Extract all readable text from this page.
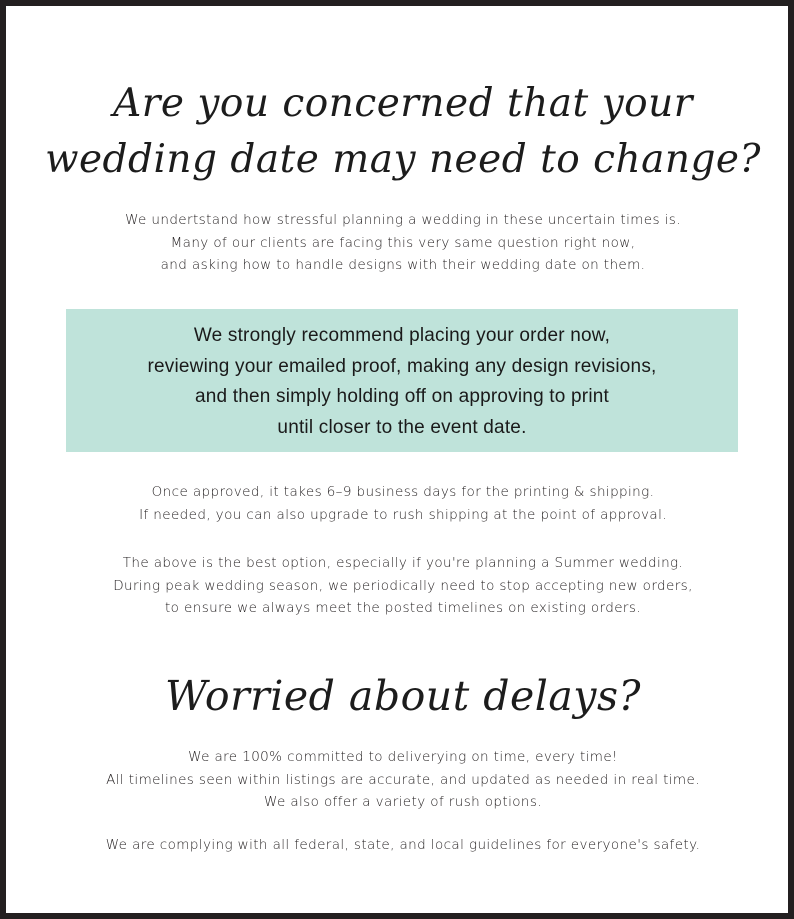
Are you concerned that your
wedding date may need to change?
We undertstand how stressful planning a wedding in these uncertain times is.
Many of our clients are facing this very same question right now,
and asking how to handle designs with their wedding date on them.
We strongly recommend placing your order now,
reviewing your emailed proof, making any design revisions,
and then simply holding off on approving to print
until closer to the event date.
Once approved, it takes 6–9 business days for the printing & shipping.
If needed, you can also upgrade to rush shipping at the point of approval.
The above is the best option, especially if you're planning a Summer wedding.
During peak wedding season, we periodically need to stop accepting new orders,
to ensure we always meet the posted timelines on existing orders.
Worried about delays?
We are 100% committed to deliverying on time, every time!
All timelines seen within listings are accurate, and updated as needed in real time.
We also offer a variety of rush options.
We are complying with all federal, state, and local guidelines for everyone's safety.
